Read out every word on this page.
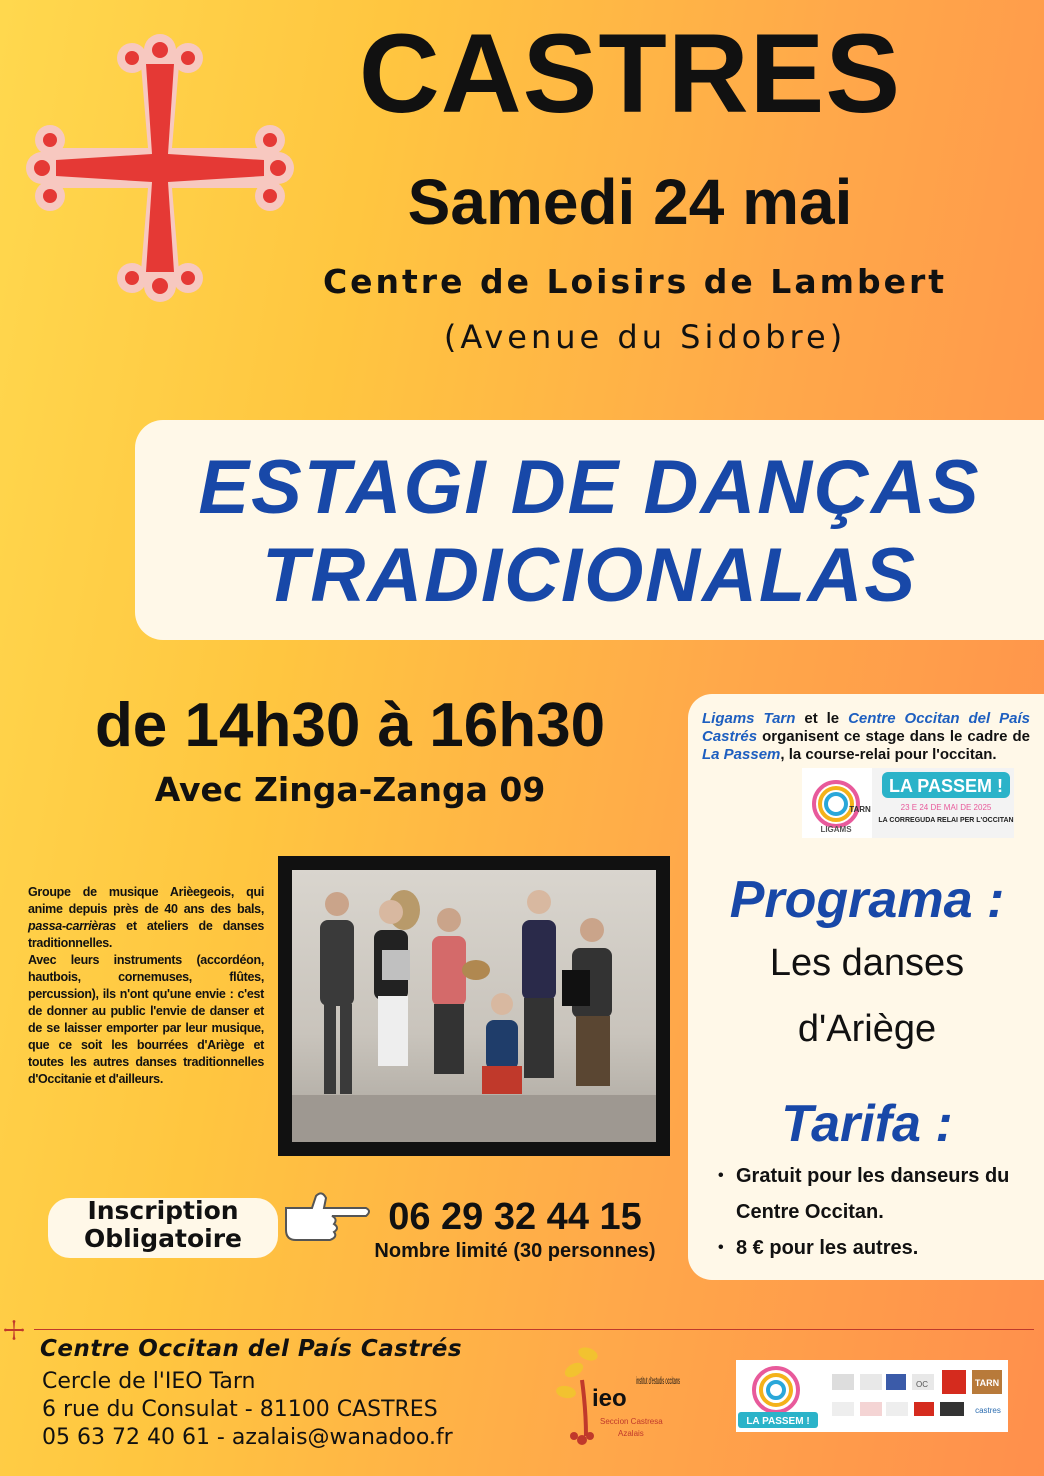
CASTRES
Samedi 24 mai
Centre de Loisirs de Lambert
(Avenue du Sidobre)
ESTAGI DE DANÇAS
TRADICIONALAS
de 14h30 à 16h30
Avec Zinga-Zanga 09

Groupe de musique Arièegeois, qui anime depuis près de 40 ans des bals, passa-carrièras et ateliers de danses traditionnelles.

Avec leurs instruments (accordéon, hautbois, cornemuses, flûtes, percussion), ils n'ont qu'une envie : c'est de donner au public l'envie de danser et de se laisser emporter par leur musique, que ce soit les bourrées d'Ariège et toutes les autres danses traditionnelles d'Occitanie et d'ailleurs.

Inscription
Obligatoire
06 29 32 44 15
Nombre limité (30 personnes)
Ligams Tarn et le Centre Occitan del País Castrés organisent ce stage dans le cadre de La Passem, la course-relai pour l'occitan.
LA PASSEM !
23 E 24 DE MAI DE 2025
LA CORREGUDA RELAI PER L'OCCITAN
LIGAMS
TARN
Programa :
Les danses
d'Ariège
Tarifa :
• Gratuit pour les danseurs du Centre Occitan.
• 8 € pour les autres.
Centre Occitan del País Castrés
Cercle de l'IEO Tarn
6 rue du Consulat - 81100 CASTRES
05 63 72 40 61 - azalais@wanadoo.fr
ieo
institut d'estudis occitans
Seccion Castresa
Azalais
LA PASSEM !
OC	TARN
castres
